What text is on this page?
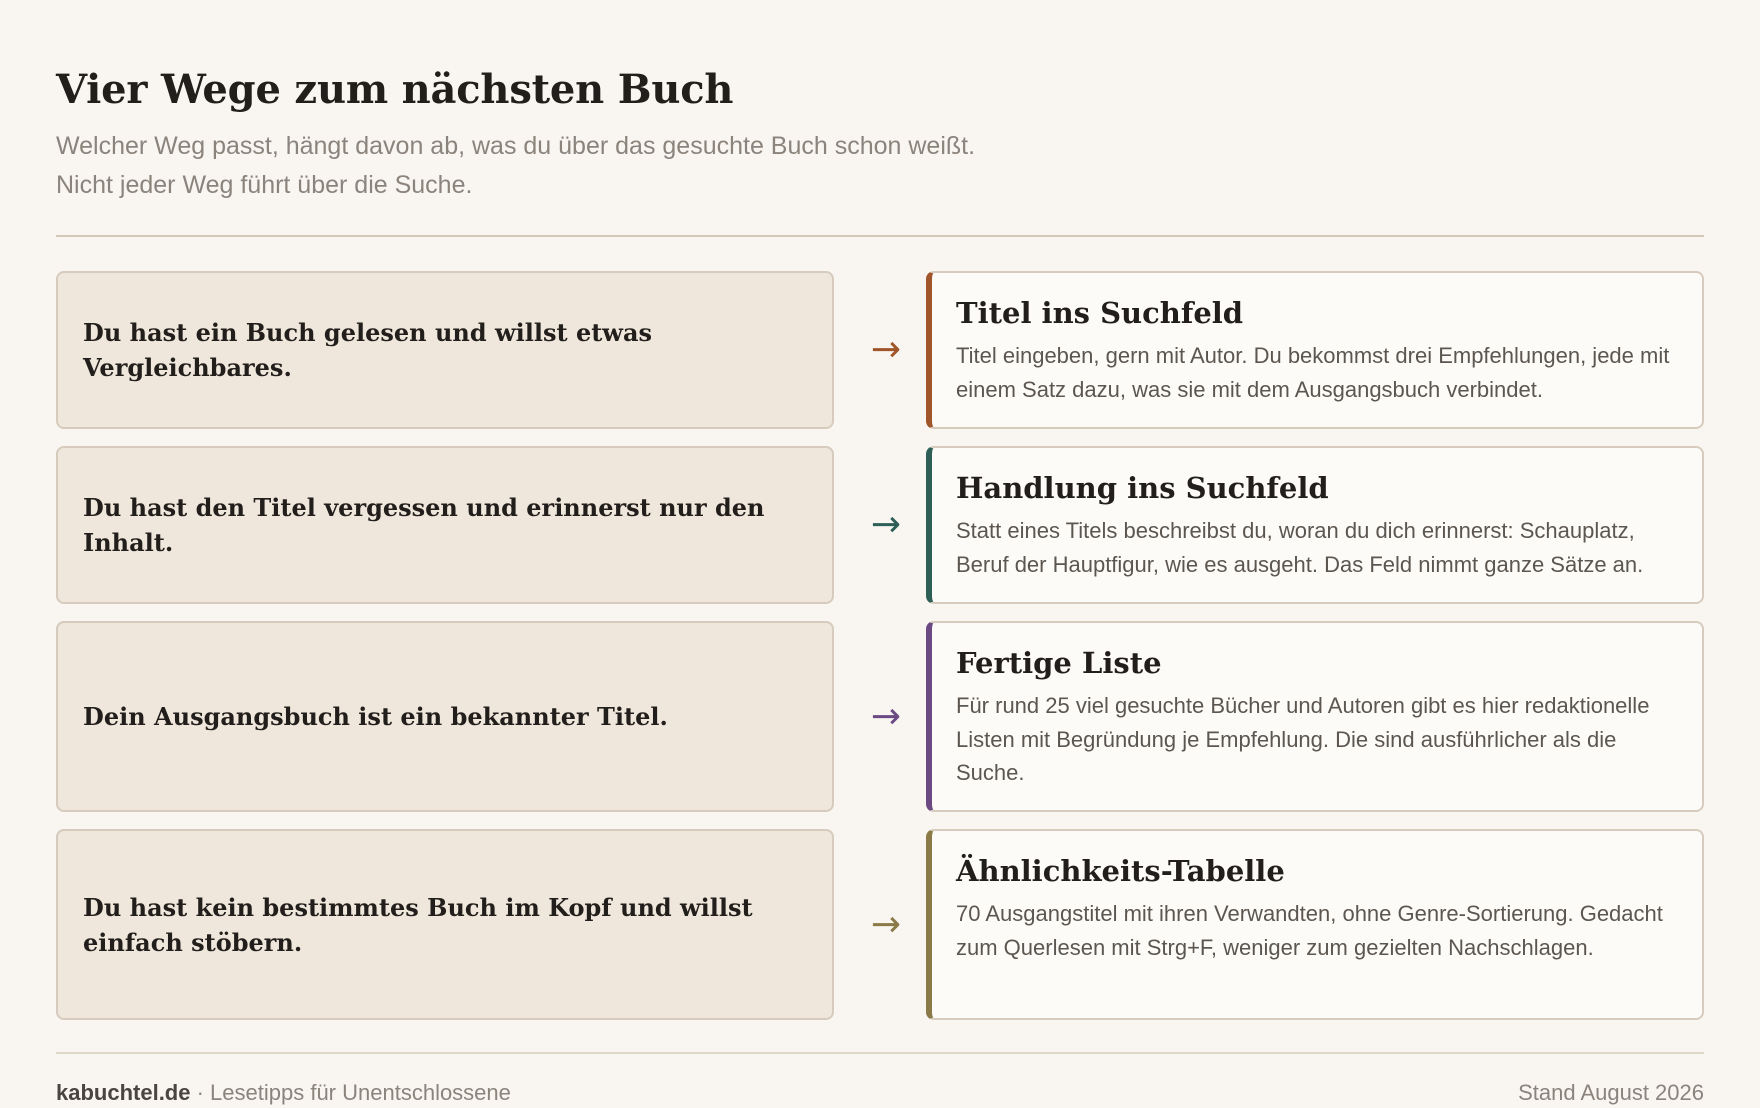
Vier Wege zum nächsten Buch

Welcher Weg passt, hängt davon ab, was du über das gesuchte Buch schon weißt. Nicht jeder Weg führt über die Suche.

Du hast ein Buch gelesen und willst etwas Vergleichbares.	→
Titel ins Suchfeld

Titel eingeben, gern mit Autor. Du bekommst drei Empfehlungen, jede mit einem Satz dazu, was sie mit dem Ausgangsbuch verbindet.

Du hast den Titel vergessen und erinnerst nur den Inhalt.	→
Handlung ins Suchfeld

Statt eines Titels beschreibst du, woran du dich erinnerst: Schauplatz, Beruf der Hauptfigur, wie es ausgeht. Das Feld nimmt ganze Sätze an.

Dein Ausgangsbuch ist ein bekannter Titel.	→
Fertige Liste

Für rund 25 viel gesuchte Bücher und Autoren gibt es hier redaktionelle Listen mit Begründung je Empfehlung. Die sind ausführlicher als die Suche.

Du hast kein bestimmtes Buch im Kopf und willst einfach stöbern.	→
Ähnlichkeits-Tabelle

70 Ausgangstitel mit ihren Verwandten, ohne Genre-Sortierung. Gedacht zum Querlesen mit Strg+F, weniger zum gezielten Nachschlagen.

kabuchtel.de · Lesetipps für Unentschlossene	Stand August 2026
